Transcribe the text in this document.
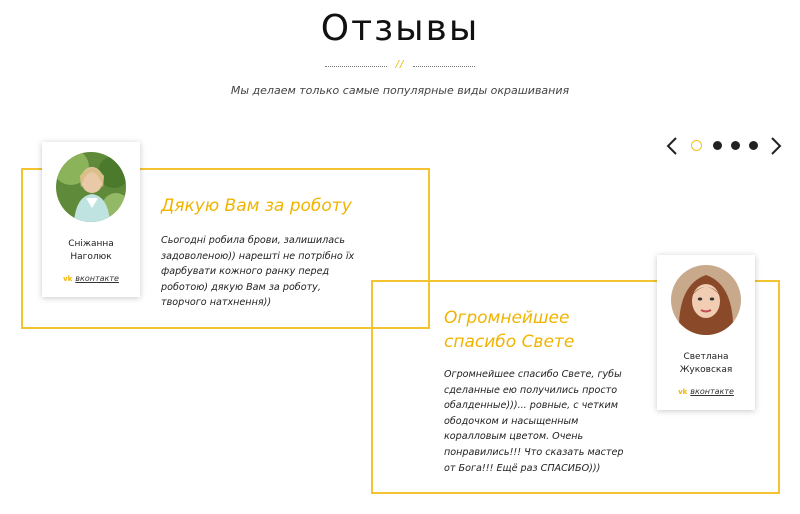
Отзывы
//
Мы делаем только самые популярные виды окрашивания
Дякую Вам за роботу
Сьогодні робила брови, залишилась задоволеною)) нарешті не потрібно їх фарбувати кожного ранку перед роботою) дякую Вам за роботу, творчого натхнення))
Огромнейшее спасибо Свете
Огромнейшее спасибо Свете, губы сделанные ею получились просто обалденные)))... ровные, с четким ободочком и насыщенным коралловым цветом. Очень понравились!!! Что сказать мастер от Бога!!! Ещё раз СПАСИБО)))
Сніжанна
Наголюк
vk вконтакте
Светлана
Жуковская
vk вконтакте
